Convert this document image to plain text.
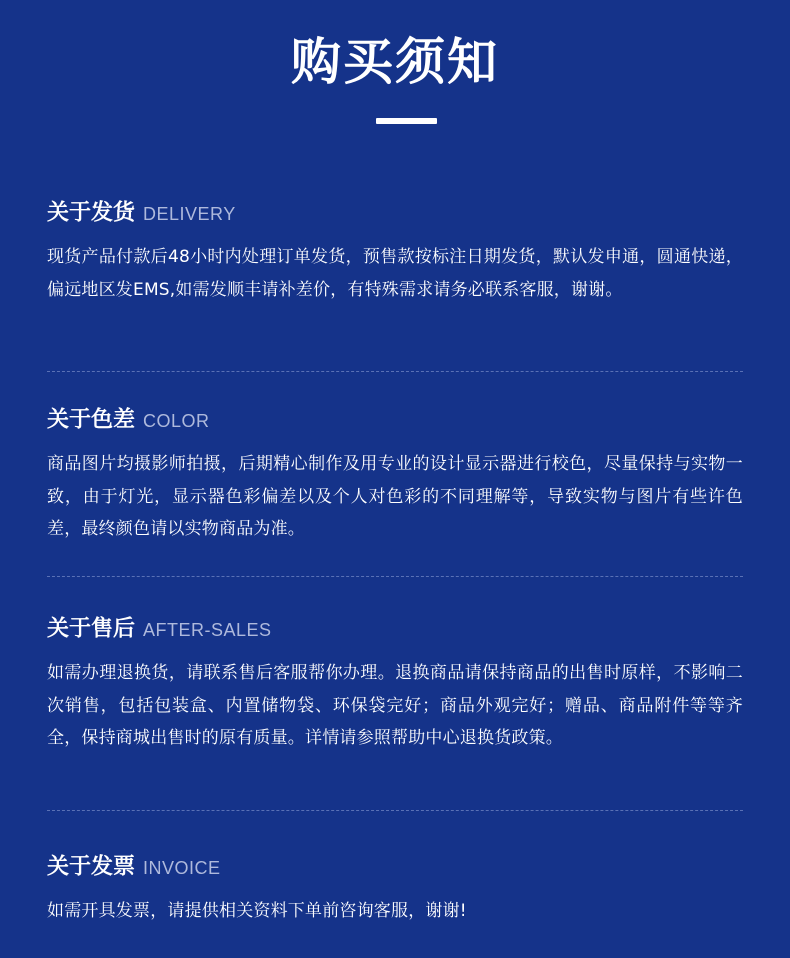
购买须知
关于发货 DELIVERY
现货产品付款后48小时内处理订单发货，预售款按标注日期发货，默认发申通，圆通快递，偏远地区发EMS,如需发顺丰请补差价，有特殊需求请务必联系客服，谢谢。
关于色差 COLOR
商品图片均摄影师拍摄，后期精心制作及用专业的设计显示器进行校色，尽量保持与实物一致，由于灯光，显示器色彩偏差以及个人对色彩的不同理解等，导致实物与图片有些许色差，最终颜色请以实物商品为准。
关于售后 AFTER-SALES
如需办理退换货，请联系售后客服帮你办理。退换商品请保持商品的出售时原样，不影响二次销售，包括包装盒、内置储物袋、环保袋完好；商品外观完好；赠品、商品附件等等齐全，保持商城出售时的原有质量。详情请参照帮助中心退换货政策。
关于发票 INVOICE
如需开具发票，请提供相关资料下单前咨询客服，谢谢!
